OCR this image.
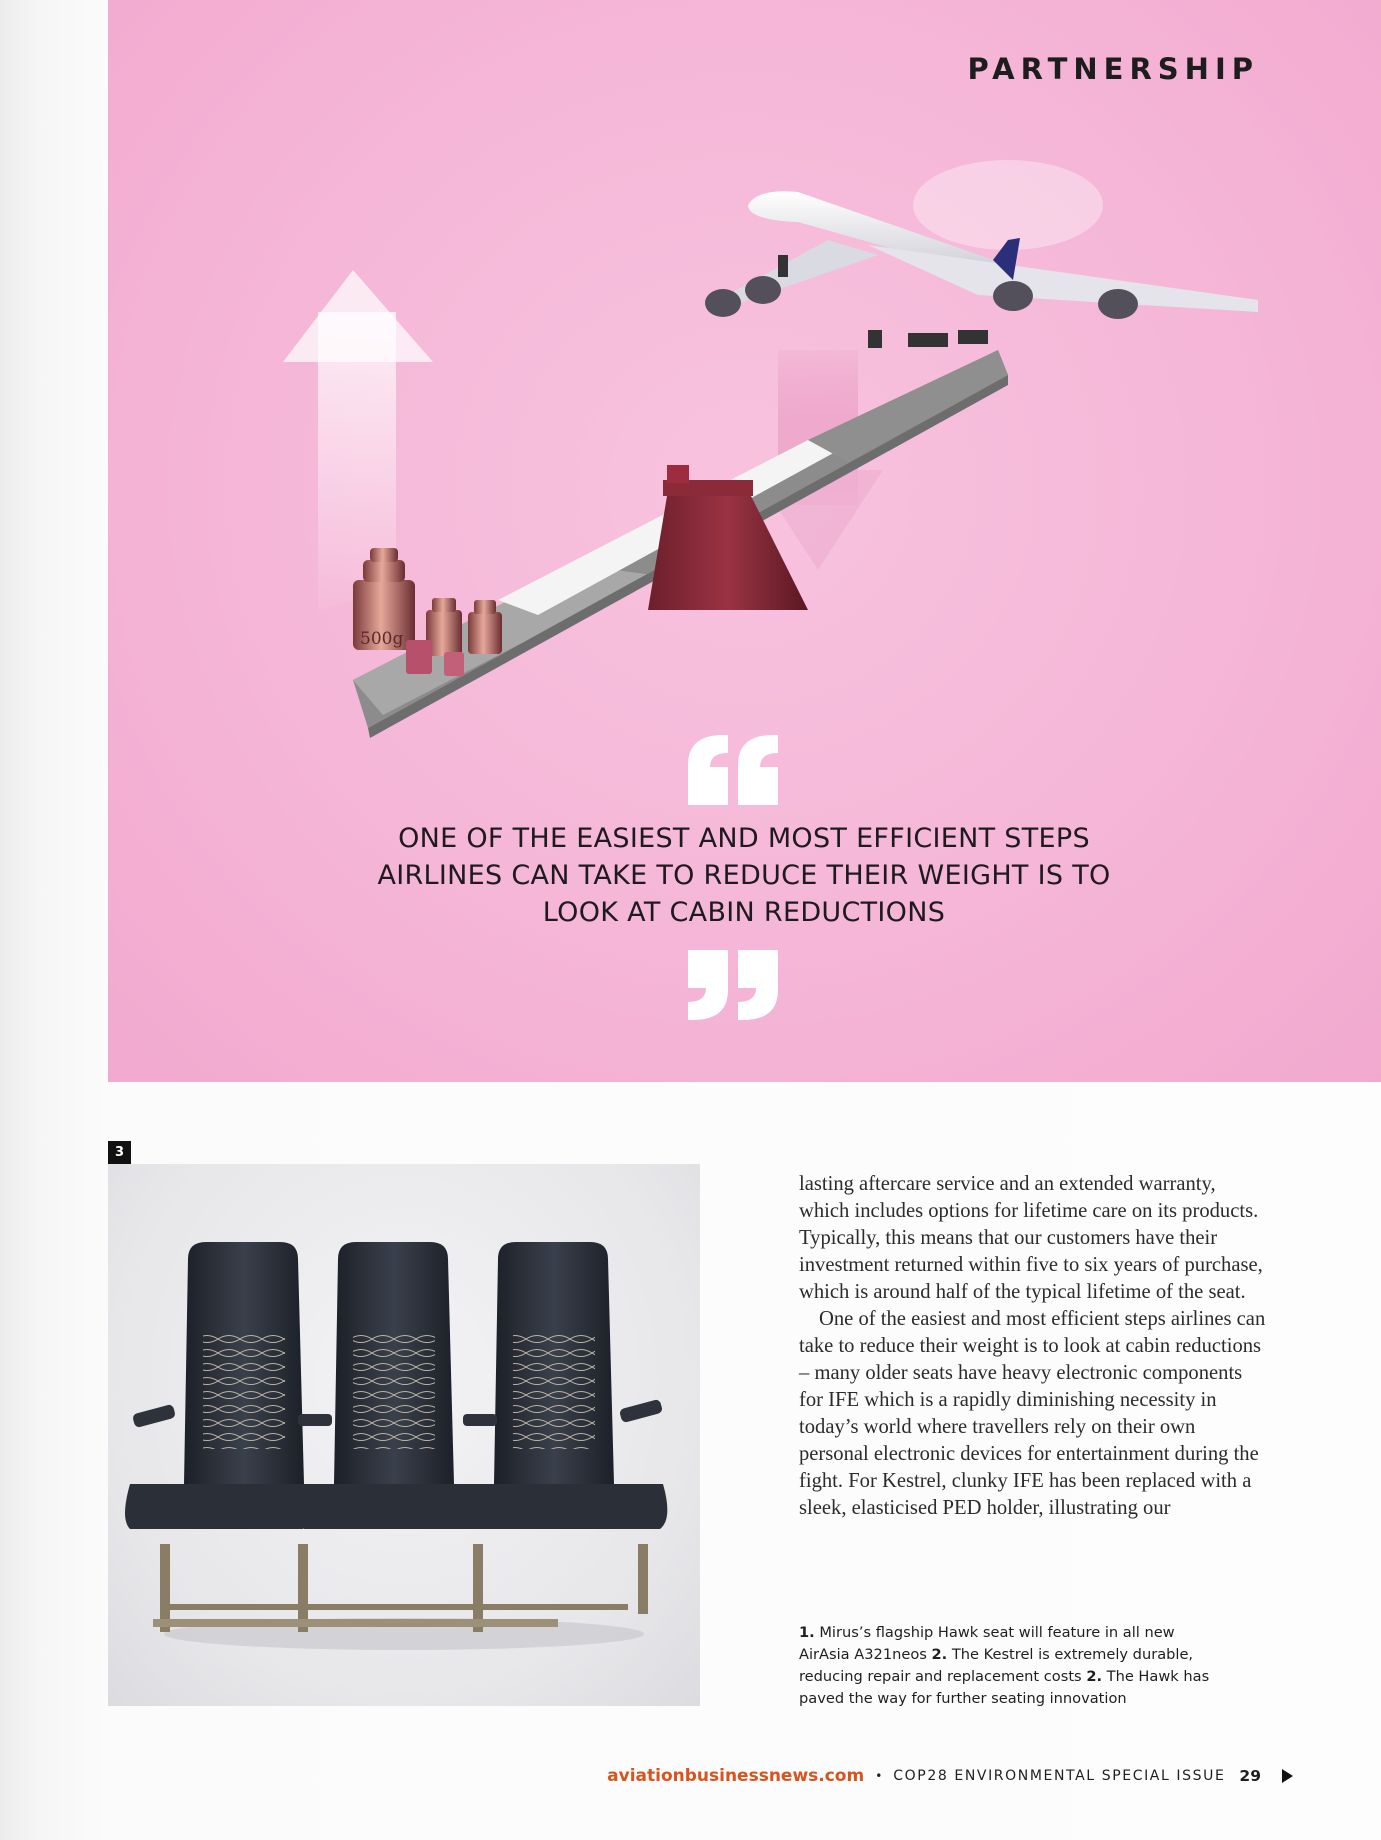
500g
PARTNERSHIP

ONE OF THE EASIEST AND MOST EFFICIENT STEPS AIRLINES CAN TAKE TO REDUCE THEIR WEIGHT IS TO LOOK AT CABIN REDUCTIONS

3

lasting aftercare service and an extended warranty, which includes options for lifetime care on its products. Typically, this means that our customers have their investment returned within five to six years of purchase, which is around half of the typical lifetime of the seat.

One of the easiest and most efficient steps airlines can take to reduce their weight is to look at cabin reductions – many older seats have heavy electronic components for IFE which is a rapidly diminishing necessity in today’s world where travellers rely on their own personal electronic devices for entertainment during the fight. For Kestrel, clunky IFE has been replaced with a sleek, elasticised PED holder, illustrating our

1. Mirus’s flagship Hawk seat will feature in all new AirAsia A321neos 2. The Kestrel is extremely durable, reducing repair and replacement costs 2. The Hawk has paved the way for further seating innovation

aviationbusinessnews.com • COP28 ENVIRONMENTAL SPECIAL ISSUE 29
